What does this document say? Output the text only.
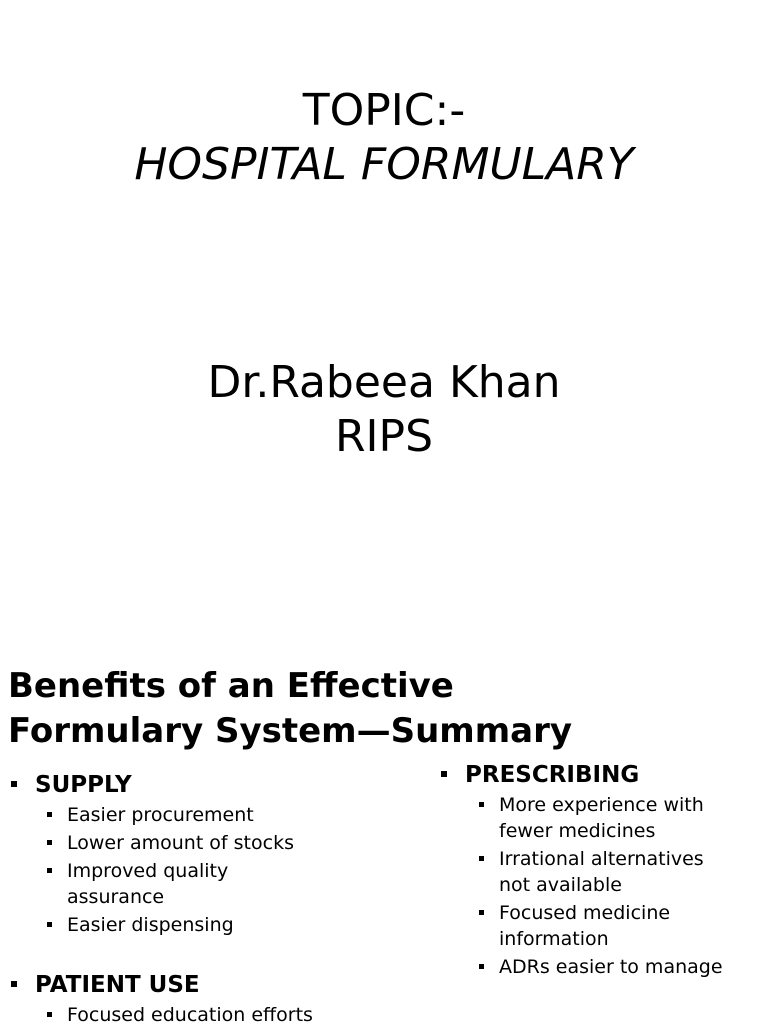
TOPIC:-
HOSPITAL FORMULARY
Dr.Rabeea Khan
RIPS
Benefits of an Effective
Formulary System—Summary
SUPPLY
Easier procurement
Lower amount of stocks
Improved quality assurance
Easier dispensing
PATIENT USE
Focused education efforts
PRESCRIBING
More experience with fewer medicines
Irrational alternatives not available
Focused medicine information
ADRs easier to manage
